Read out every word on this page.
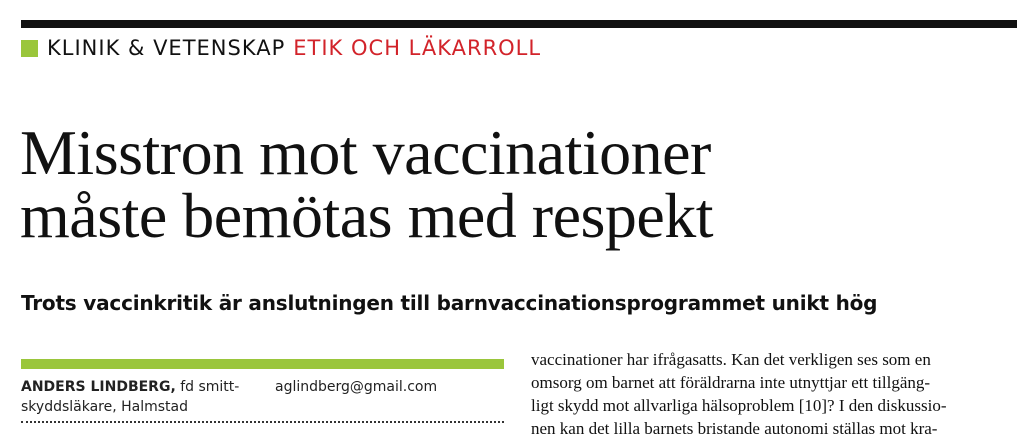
KLINIK & VETENSKAP ETIK OCH LÄKARROLL
Misstron mot vaccinationer
måste bemötas med respekt
Trots vaccinkritik är anslutningen till barnvaccinationsprogrammet unikt hög
ANDERS LINDBERG, fd smitt-
skyddsläkare, Halmstad
aglindberg@gmail.com
vaccinationer har ifrågasatts. Kan det verkligen ses som en
omsorg om barnet att föräldrarna inte utnyttjar ett tillgäng-
ligt skydd mot allvarliga hälsoproblem [10]? I den diskussio-
nen kan det lilla barnets bristande autonomi ställas mot kra-
